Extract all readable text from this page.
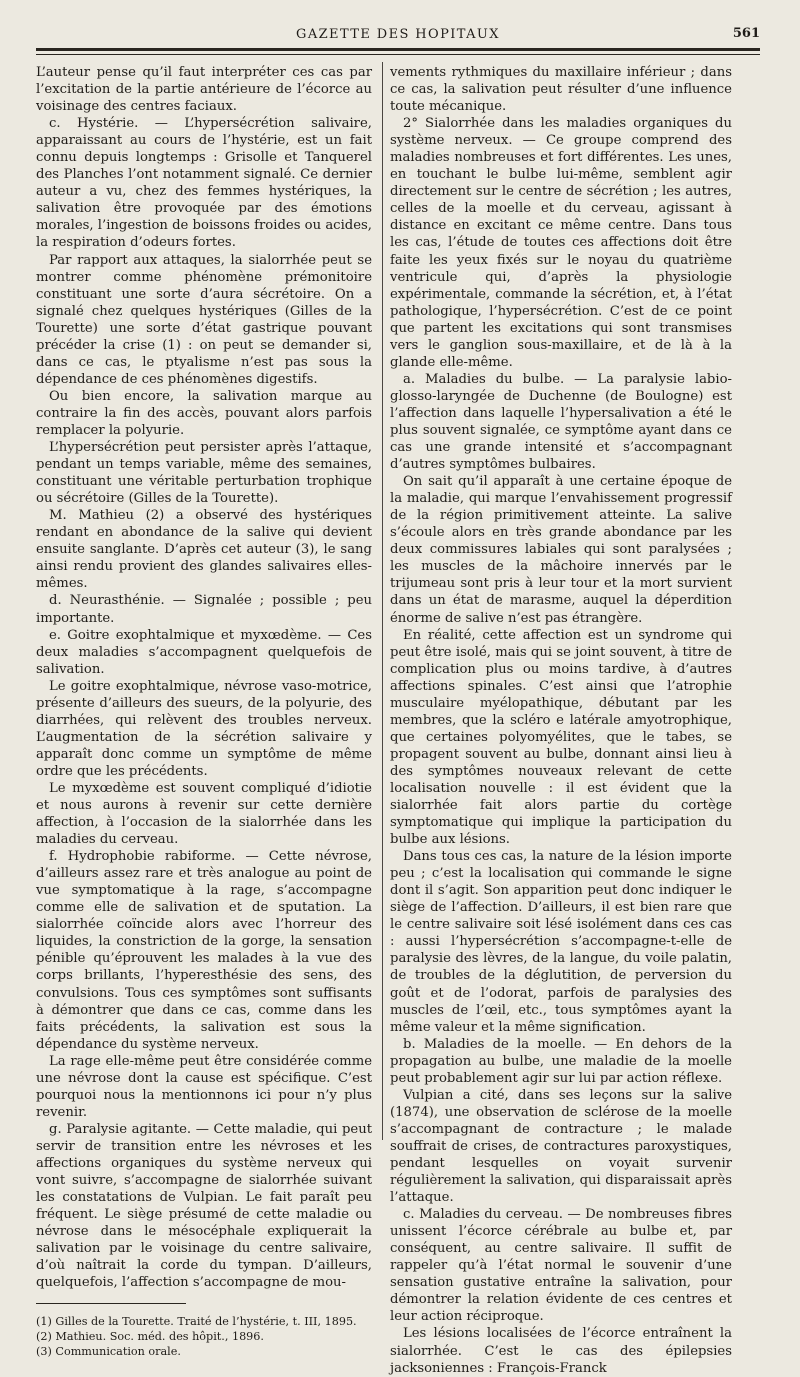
GAZETTE DES HOPITAUX	561

L’auteur pense qu’il faut interpréter ces cas par l’excitation de la partie antérieure de l’écorce au voisinage des centres faciaux.

c. Hystérie. — L’hypersécrétion salivaire, apparaissant au cours de l’hystérie, est un fait connu depuis longtemps : Grisolle et Tanquerel des Planches l’ont notamment signalé. Ce dernier auteur a vu, chez des femmes hystériques, la salivation être provoquée par des émotions morales, l’ingestion de boissons froides ou acides, la respiration d’odeurs fortes.

Par rapport aux attaques, la sialorrhée peut se montrer comme phénomène prémonitoire constituant une sorte d’aura sécrétoire. On a signalé chez quelques hystériques (Gilles de la Tourette) une sorte d’état gastrique pouvant précéder la crise (1) : on peut se demander si, dans ce cas, le ptyalisme n’est pas sous la dépendance de ces phénomènes digestifs.

Ou bien encore, la salivation marque au contraire la fin des accès, pouvant alors parfois remplacer la polyurie.

L’hypersécrétion peut persister après l’attaque, pendant un temps variable, même des semaines, constituant une véritable perturbation trophique ou sécrétoire (Gilles de la Tourette).

M. Mathieu (2) a observé des hystériques rendant en abondance de la salive qui devient ensuite sanglante. D’après cet auteur (3), le sang ainsi rendu provient des glandes salivaires elles-mêmes.

d. Neurasthénie. — Signalée ; possible ; peu importante.

e. Goitre exophtalmique et myxœdème. — Ces deux maladies s’accompagnent quelquefois de salivation.

Le goitre exophtalmique, névrose vaso-motrice, présente d’ailleurs des sueurs, de la polyurie, des diarrhées, qui relèvent des troubles nerveux. L’augmentation de la sécrétion salivaire y apparaît donc comme un symptôme de même ordre que les précédents.

Le myxœdème est souvent compliqué d’idiotie et nous aurons à revenir sur cette dernière affection, à l’occasion de la sialorrhée dans les maladies du cerveau.

f. Hydrophobie rabiforme. — Cette névrose, d’ailleurs assez rare et très analogue au point de vue symptomatique à la rage, s’accompagne comme elle de salivation et de sputation. La sialorrhée coïncide alors avec l’horreur des liquides, la constriction de la gorge, la sensation pénible qu’éprouvent les malades à la vue des corps brillants, l’hyperesthésie des sens, des convulsions. Tous ces symptômes sont suffisants à démontrer que dans ce cas, comme dans les faits précédents, la salivation est sous la dépendance du système nerveux.

La rage elle-même peut être considérée comme une névrose dont la cause est spécifique. C’est pourquoi nous la mentionnons ici pour n’y plus revenir.

g. Paralysie agitante. — Cette maladie, qui peut servir de transition entre les névroses et les affections organiques du système nerveux qui vont suivre, s’accompagne de sialorrhée suivant les constatations de Vulpian. Le fait paraît peu fréquent. Le siège présumé de cette maladie ou névrose dans le mésocéphale expliquerait la salivation par le voisinage du centre salivaire, d’où naîtrait la corde du tympan. D’ailleurs, quelquefois, l’affection s’accompagne de mou-

(1) Gilles de la Tourette. Traité de l’hystérie, t. III, 1895.

(2) Mathieu. Soc. méd. des hôpit., 1896.

(3) Communication orale.

vements rythmiques du maxillaire inférieur ; dans ce cas, la salivation peut résulter d’une influence toute mécanique.

2° Sialorrhée dans les maladies organiques du système nerveux. — Ce groupe comprend des maladies nombreuses et fort différentes. Les unes, en touchant le bulbe lui-même, semblent agir directement sur le centre de sécrétion ; les autres, celles de la moelle et du cerveau, agissant à distance en excitant ce même centre. Dans tous les cas, l’étude de toutes ces affections doit être faite les yeux fixés sur le noyau du quatrième ventricule qui, d’après la physiologie expérimentale, commande la sécrétion, et, à l’état pathologique, l’hypersécrétion. C’est de ce point que partent les excitations qui sont transmises vers le ganglion sous-maxillaire, et de là à la glande elle-même.

a. Maladies du bulbe. — La paralysie labio-glosso-laryngée de Duchenne (de Boulogne) est l’affection dans laquelle l’hypersalivation a été le plus souvent signalée, ce symptôme ayant dans ce cas une grande intensité et s’accompagnant d’autres symptômes bulbaires.

On sait qu’il apparaît à une certaine époque de la maladie, qui marque l’envahissement progressif de la région primitivement atteinte. La salive s’écoule alors en très grande abondance par les deux commissures labiales qui sont paralysées ; les muscles de la mâchoire innervés par le trijumeau sont pris à leur tour et la mort survient dans un état de marasme, auquel la déperdition énorme de salive n’est pas étrangère.

En réalité, cette affection est un syndrome qui peut être isolé, mais qui se joint souvent, à titre de complication plus ou moins tardive, à d’autres affections spinales. C’est ainsi que l’atrophie musculaire myélopathique, débutant par les membres, que la scléro e latérale amyotrophique, que certaines polyomyélites, que le tabes, se propagent souvent au bulbe, donnant ainsi lieu à des symptômes nouveaux relevant de cette localisation nouvelle : il est évident que la sialorrhée fait alors partie du cortège symptomatique qui implique la participation du bulbe aux lésions.

Dans tous ces cas, la nature de la lésion importe peu ; c’est la localisation qui commande le signe dont il s’agit. Son apparition peut donc indiquer le siège de l’affection. D’ailleurs, il est bien rare que le centre salivaire soit lésé isolément dans ces cas : aussi l’hypersécrétion s’accompagne-t-elle de paralysie des lèvres, de la langue, du voile palatin, de troubles de la déglutition, de perversion du goût et de l’odorat, parfois de paralysies des muscles de l’œil, etc., tous symptômes ayant la même valeur et la même signification.

b. Maladies de la moelle. — En dehors de la propagation au bulbe, une maladie de la moelle peut probablement agir sur lui par action réflexe.

Vulpian a cité, dans ses leçons sur la salive (1874), une observation de sclérose de la moelle s’accompagnant de contracture ; le malade souffrait de crises, de contractures paroxystiques, pendant lesquelles on voyait survenir régulièrement la salivation, qui disparaissait après l’attaque.

c. Maladies du cerveau. — De nombreuses fibres unissent l’écorce cérébrale au bulbe et, par conséquent, au centre salivaire. Il suffit de rappeler qu’à l’état normal le souvenir d’une sensation gustative entraîne la salivation, pour démontrer la relation évidente de ces centres et leur action réciproque.

Les lésions localisées de l’écorce entraînent la sialorrhée. C’est le cas des épilepsies jacksoniennes : François-Franck
